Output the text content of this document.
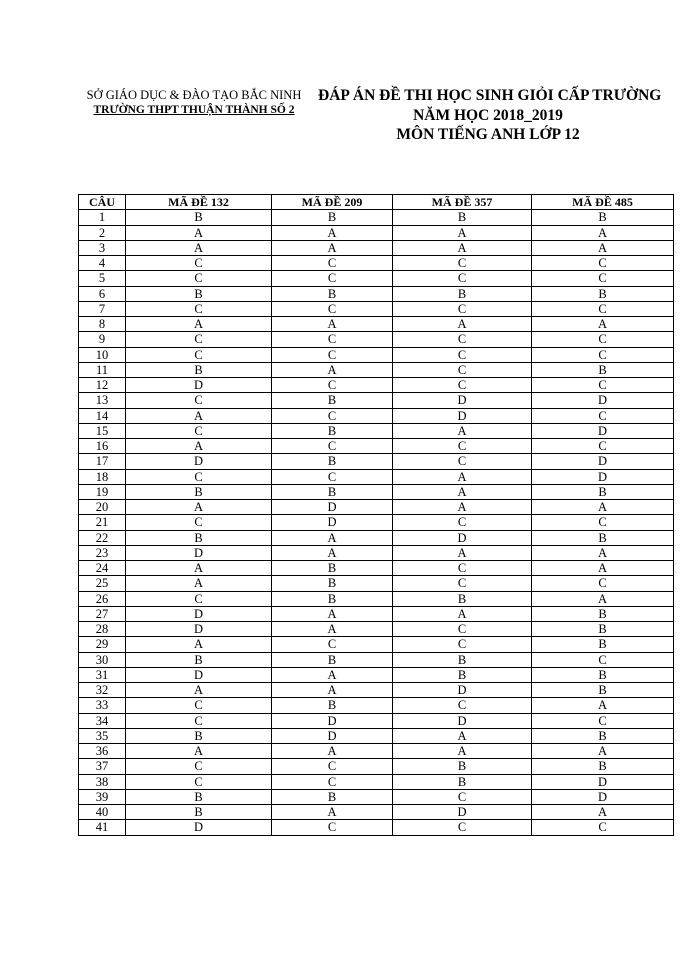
SỞ GIÁO DỤC & ĐÀO TẠO BẮC NINH
TRƯỜNG THPT THUẬN THÀNH SỐ 2
ĐÁP ÁN ĐỀ THI HỌC SINH GIỎI CẤP TRƯỜNG
NĂM HỌC 2018_2019
MÔN TIẾNG ANH LỚP 12
CÂU	MÃ ĐỀ 132	MÃ ĐỀ 209	MÃ ĐỀ 357	MÃ ĐỀ 485
1	B	B	B	B
2	A	A	A	A
3	A	A	A	A
4	C	C	C	C
5	C	C	C	C
6	B	B	B	B
7	C	C	C	C
8	A	A	A	A
9	C	C	C	C
10	C	C	C	C
11	B	A	C	B
12	D	C	C	C
13	C	B	D	D
14	A	C	D	C
15	C	B	A	D
16	A	C	C	C
17	D	B	C	D
18	C	C	A	D
19	B	B	A	B
20	A	D	A	A
21	C	D	C	C
22	B	A	D	B
23	D	A	A	A
24	A	B	C	A
25	A	B	C	C
26	C	B	B	A
27	D	A	A	B
28	D	A	C	B
29	A	C	C	B
30	B	B	B	C
31	D	A	B	B
32	A	A	D	B
33	C	B	C	A
34	C	D	D	C
35	B	D	A	B
36	A	A	A	A
37	C	C	B	B
38	C	C	B	D
39	B	B	C	D
40	B	A	D	A
41	D	C	C	C
